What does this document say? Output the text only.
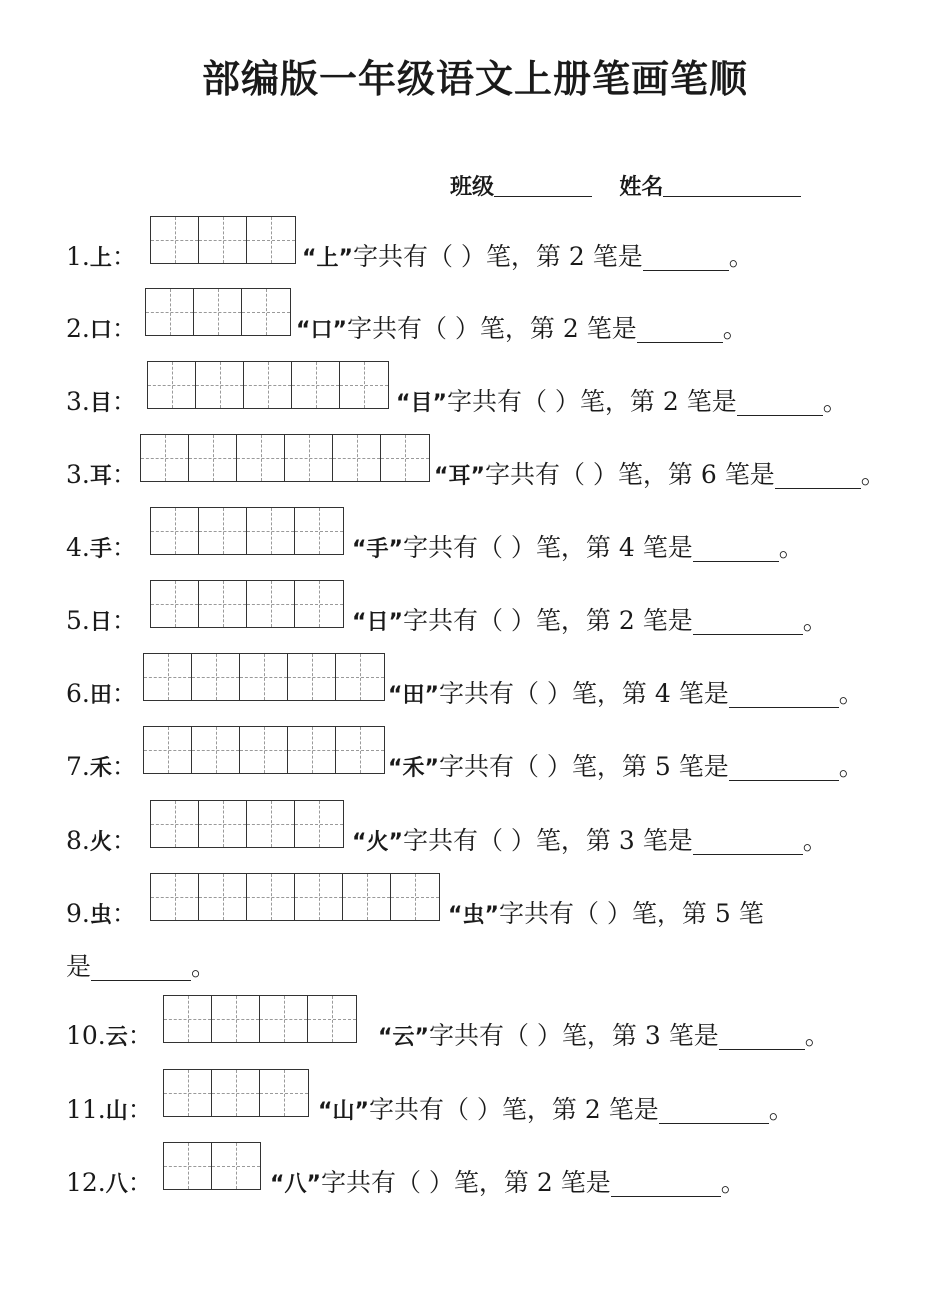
部编版一年级语文上册笔画笔顺
班级	姓名
1.上：	“上”字共有（ ）笔，第 2 笔是	。
2.口：	“口”字共有（ ）笔，第 2 笔是	。
3.目：	“目”字共有（ ）笔，第 2 笔是	。
3.耳：	“耳”字共有（ ）笔，第 6 笔是	。
4.手：	“手”字共有（ ）笔，第 4 笔是	。
5.日：	“日”字共有（ ）笔，第 2 笔是	。
6.田：	“田”字共有（ ）笔，第 4 笔是	。
7.禾：	“禾”字共有（ ）笔，第 5 笔是	。
8.火：	“火”字共有（ ）笔，第 3 笔是	。
9.虫：	“虫”字共有（ ）笔，第 5 笔
是	。
10.云：	“云”字共有（ ）笔，第 3 笔是	。
11.山：	“山”字共有（ ）笔，第 2 笔是	。
12.八：	“八”字共有（ ）笔，第 2 笔是	。
